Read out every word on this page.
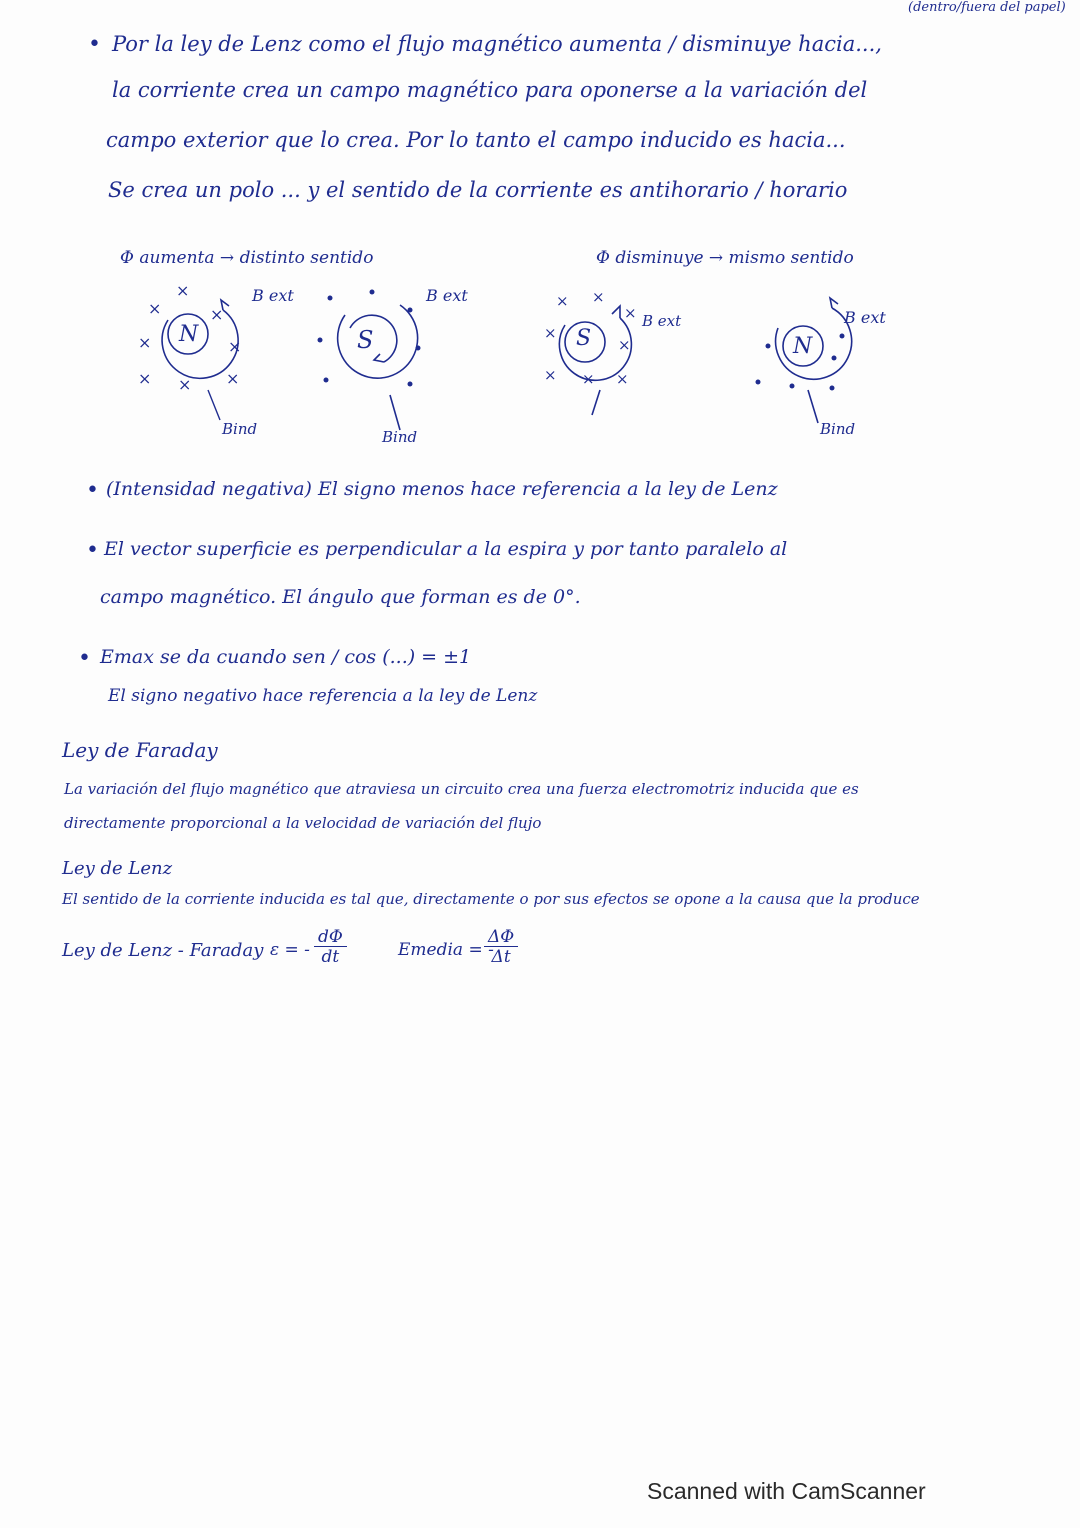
(dentro/fuera del papel)
• Por la ley de Lenz como el flujo magnético aumenta / disminuye hacia...,
la corriente crea un campo magnético para oponerse a la variación del
campo exterior que lo crea. Por lo tanto el campo inducido es hacia...
Se crea un polo ... y el sentido de la corriente es antihorario / horario
Φ aumenta → distinto sentido	Φ disminuye → mismo sentido
×
×
×
×	×
× × ×
N
B ext
Bind
S
B ext
Bind
× ×
×
×
×
× × ×
S
B ext
N
B ext
Bind
• (Intensidad negativa) El signo menos hace referencia a la ley de Lenz
• El vector superficie es perpendicular a la espira y por tanto paralelo al
campo magnético. El ángulo que forman es de 0°.
• Emax se da cuando sen / cos (...) = ±1
El signo negativo hace referencia a la ley de Lenz
Ley de Faraday
La variación del flujo magnético que atraviesa un circuito crea una fuerza electromotriz inducida que es
directamente proporcional a la velocidad de variación del flujo
Ley de Lenz
El sentido de la corriente inducida es tal que, directamente o por sus efectos se opone a la causa que la produce
Ley de Lenz - Faraday ε = - $\frac{d\Phi}{dt}$	Emedia = -
$\frac{\Delta\Phi}{\Delta t}$
Scanned with CamScanner
